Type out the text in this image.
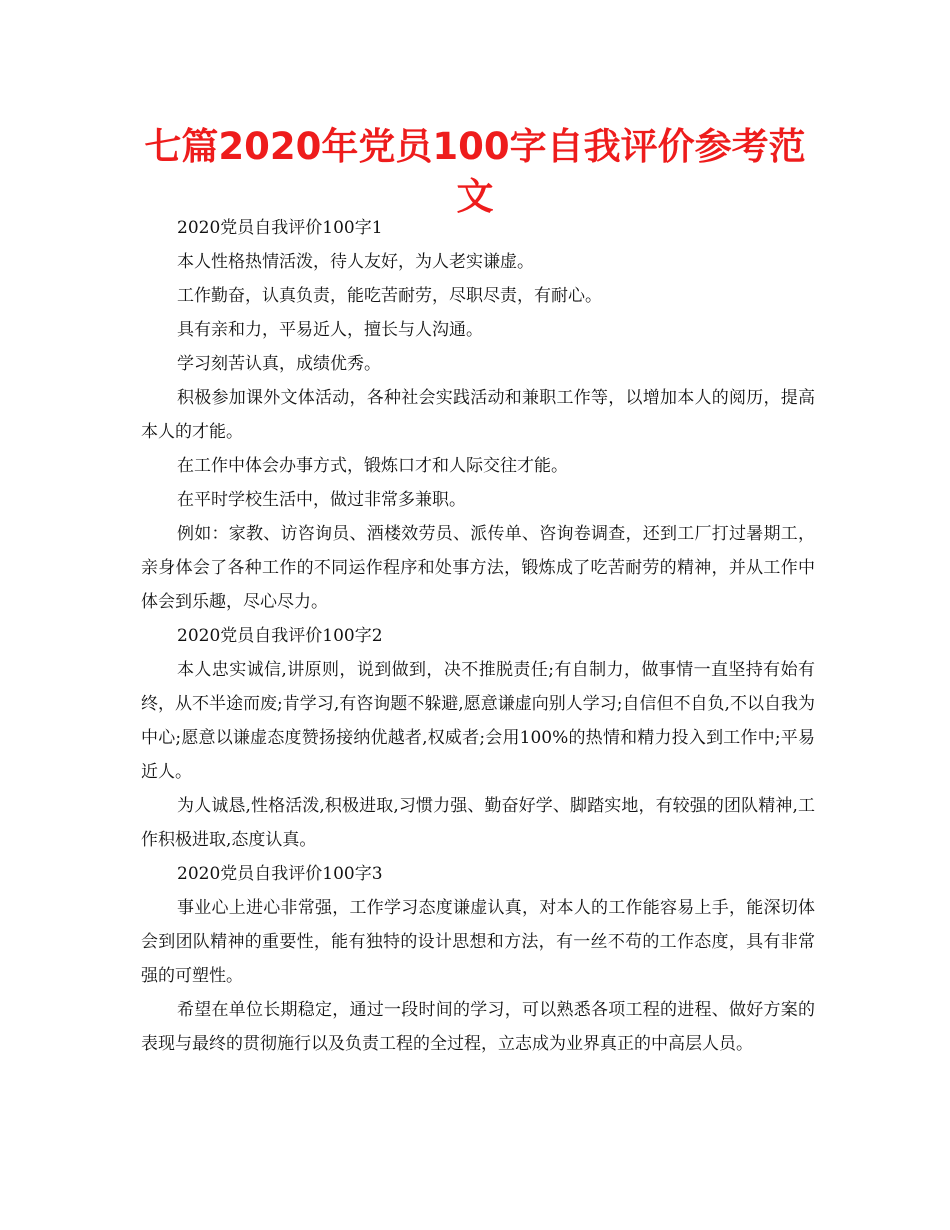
七篇2020年党员100字自我评价参考范文

2020党员自我评价100字1

本人性格热情活泼，待人友好，为人老实谦虚。

工作勤奋，认真负责，能吃苦耐劳，尽职尽责，有耐心。

具有亲和力，平易近人，擅长与人沟通。

学习刻苦认真，成绩优秀。

积极参加课外文体活动，各种社会实践活动和兼职工作等，以增加本人的阅历，提高本人的才能。

在工作中体会办事方式，锻炼口才和人际交往才能。

在平时学校生活中，做过非常多兼职。

例如：家教、访咨询员、酒楼效劳员、派传单、咨询卷调查，还到工厂打过暑期工，亲身体会了各种工作的不同运作程序和处事方法，锻炼成了吃苦耐劳的精神，并从工作中体会到乐趣，尽心尽力。

2020党员自我评价100字2

本人忠实诚信,讲原则，说到做到，决不推脱责任;有自制力，做事情一直坚持有始有终，从不半途而废;肯学习,有咨询题不躲避,愿意谦虚向别人学习;自信但不自负,不以自我为中心;愿意以谦虚态度赞扬接纳优越者,权威者;会用100%的热情和精力投入到工作中;平易近人。

为人诚恳,性格活泼,积极进取,习惯力强、勤奋好学、脚踏实地，有较强的团队精神,工作积极进取,态度认真。

2020党员自我评价100字3

事业心上进心非常强，工作学习态度谦虚认真，对本人的工作能容易上手，能深切体会到团队精神的重要性，能有独特的设计思想和方法，有一丝不苟的工作态度，具有非常强的可塑性。

希望在单位长期稳定，通过一段时间的学习，可以熟悉各项工程的进程、做好方案的表现与最终的贯彻施行以及负责工程的全过程，立志成为业界真正的中高层人员。
